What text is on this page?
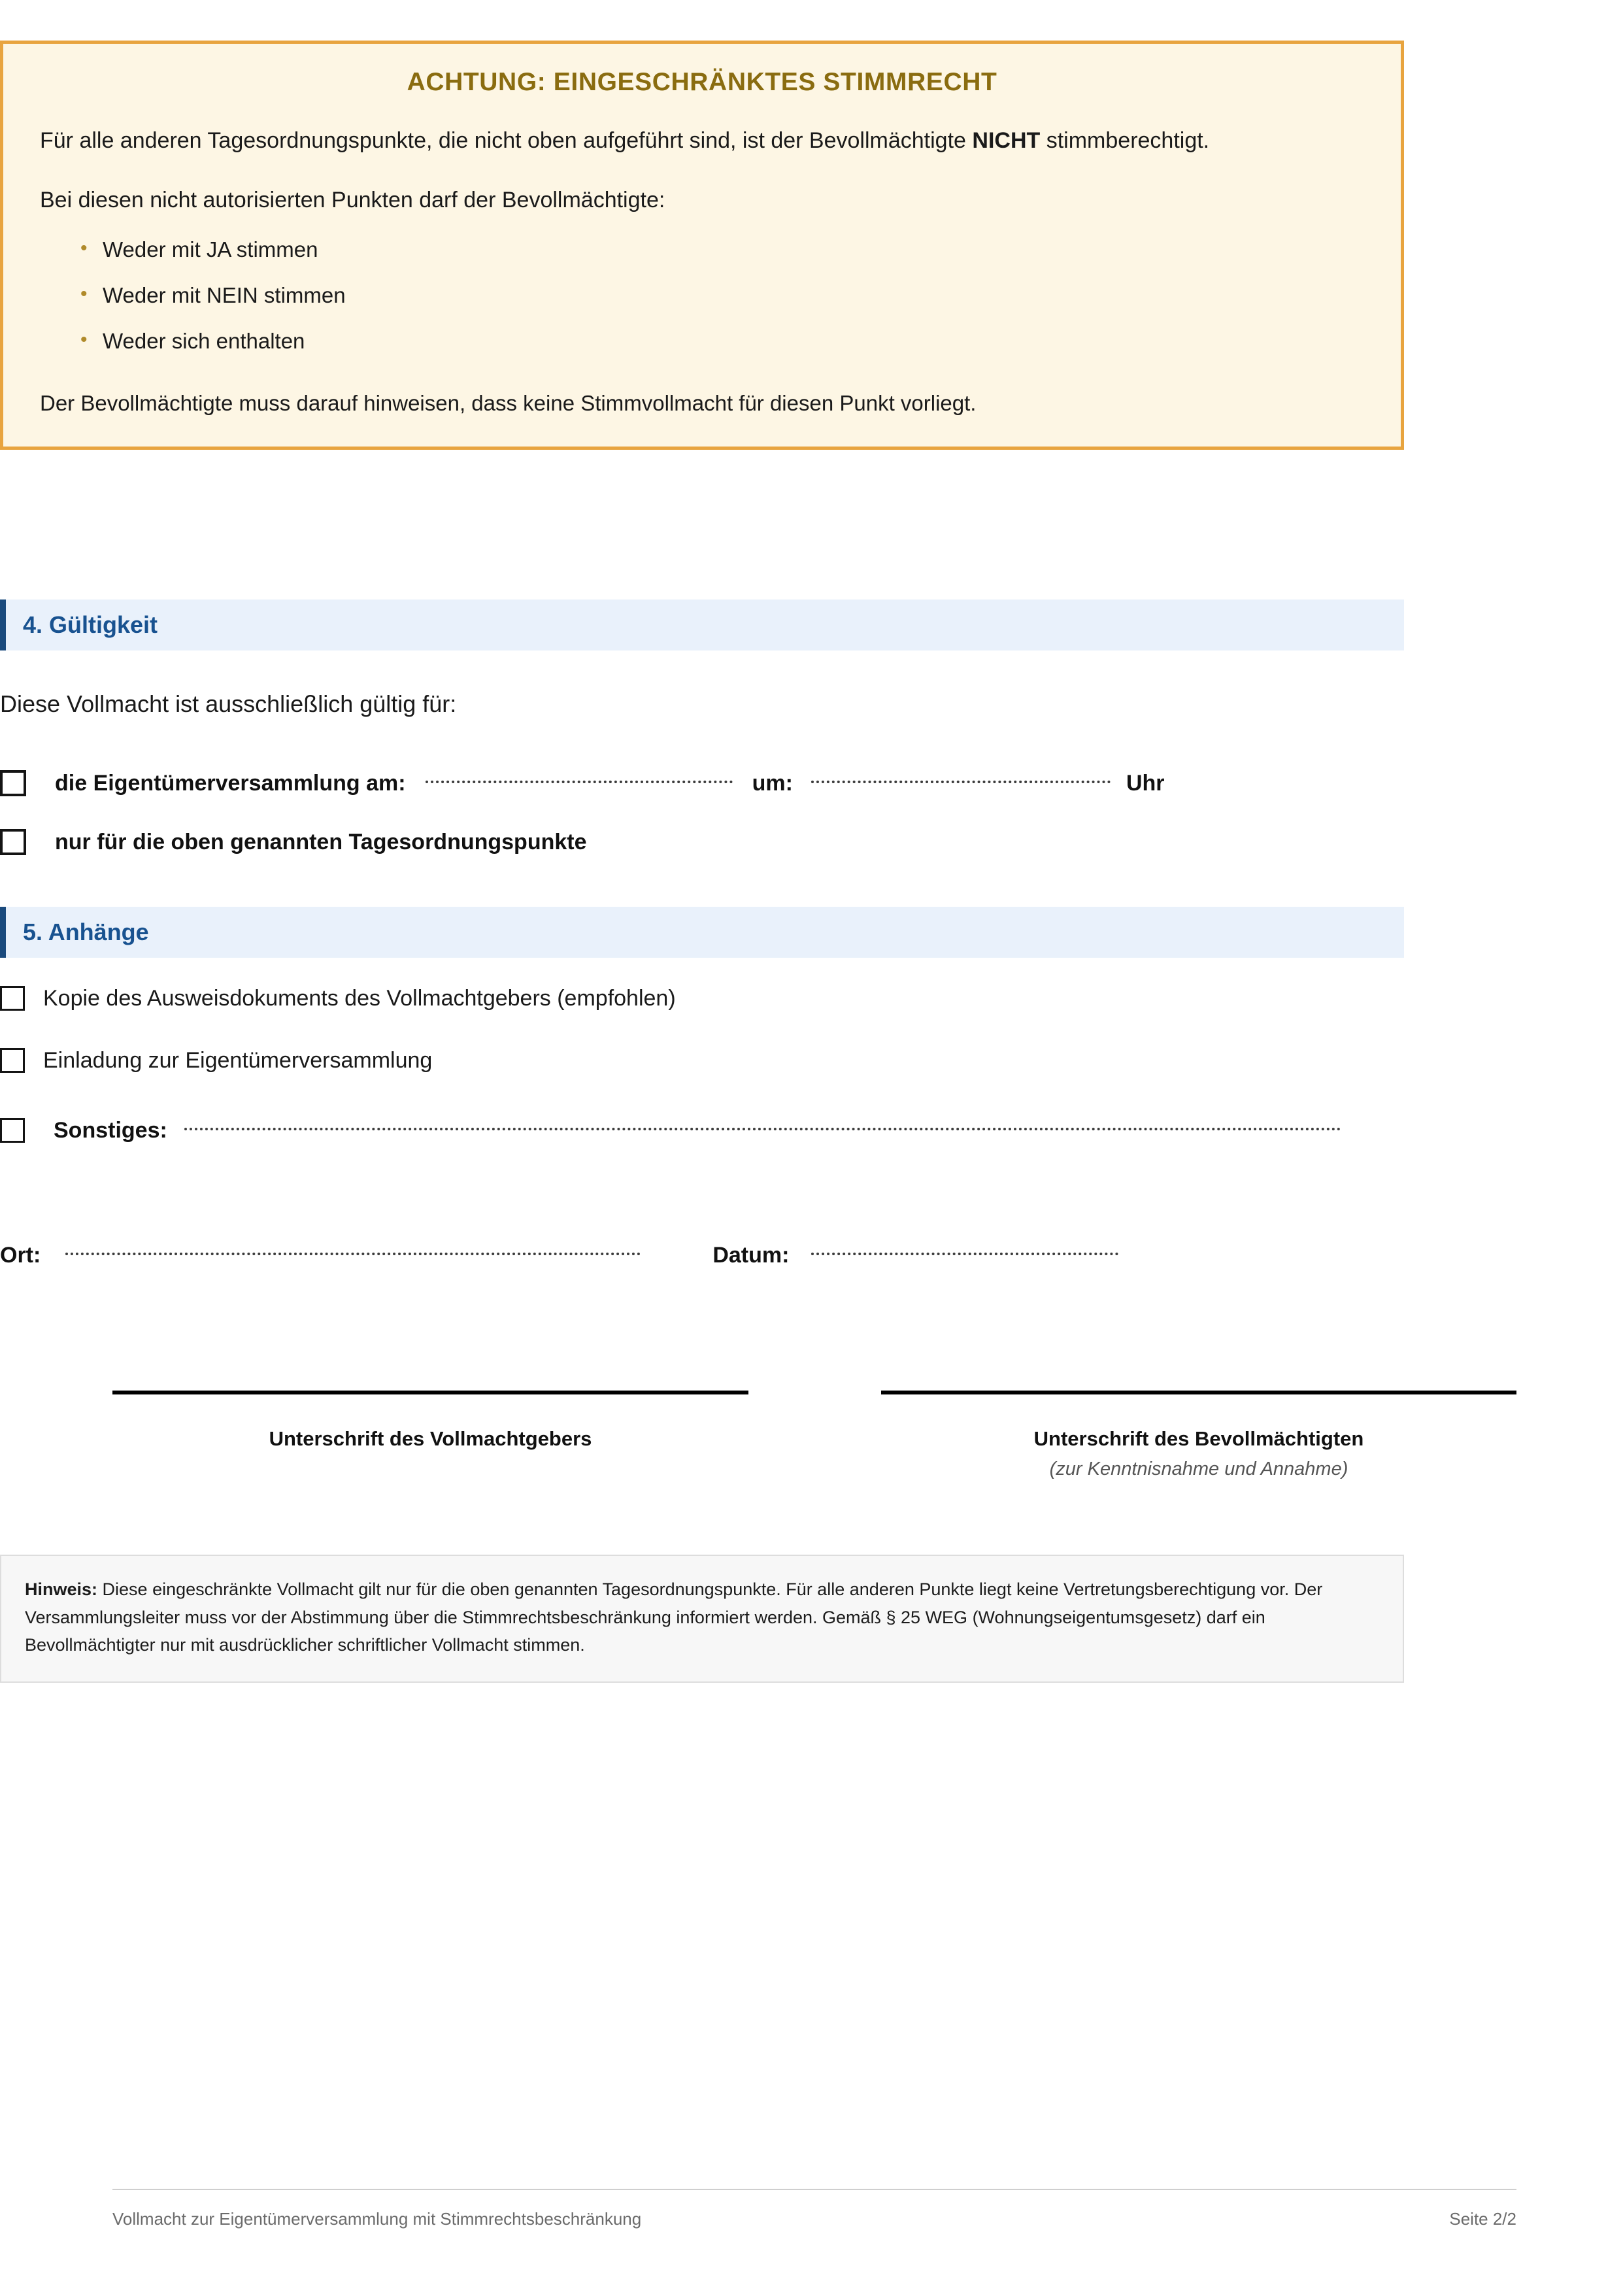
ACHTUNG: EINGESCHRÄNKTES STIMMRECHT

Für alle anderen Tagesordnungspunkte, die nicht oben aufgeführt sind, ist der Bevollmächtigte NICHT stimmberechtigt.

Bei diesen nicht autorisierten Punkten darf der Bevollmächtigte:

• Weder mit JA stimmen
• Weder mit NEIN stimmen
• Weder sich enthalten

Der Bevollmächtigte muss darauf hinweisen, dass keine Stimmvollmacht für diesen Punkt vorliegt.

4. Gültigkeit
Diese Vollmacht ist ausschließlich gültig für:
die Eigentümerversammlung am:	um:	Uhr
nur für die oben genannten Tagesordnungspunkte
5. Anhänge
Kopie des Ausweisdokuments des Vollmachtgebers (empfohlen)
Einladung zur Eigentümerversammlung
Sonstiges:
Ort:	Datum:
Unterschrift des Vollmachtgebers	Unterschrift des Bevollmächtigten
(zur Kenntnisnahme und Annahme)

Hinweis: Diese eingeschränkte Vollmacht gilt nur für die oben genannten Tagesordnungspunkte. Für alle anderen Punkte liegt keine Vertretungsberechtigung vor. Der Versammlungsleiter muss vor der Abstimmung über die Stimmrechtsbeschränkung informiert werden. Gemäß § 25 WEG (Wohnungseigentumsgesetz) darf ein Bevollmächtigter nur mit ausdrücklicher schriftlicher Vollmacht stimmen.

Vollmacht zur Eigentümerversammlung mit Stimmrechtsbeschränkung	Seite 2/2
